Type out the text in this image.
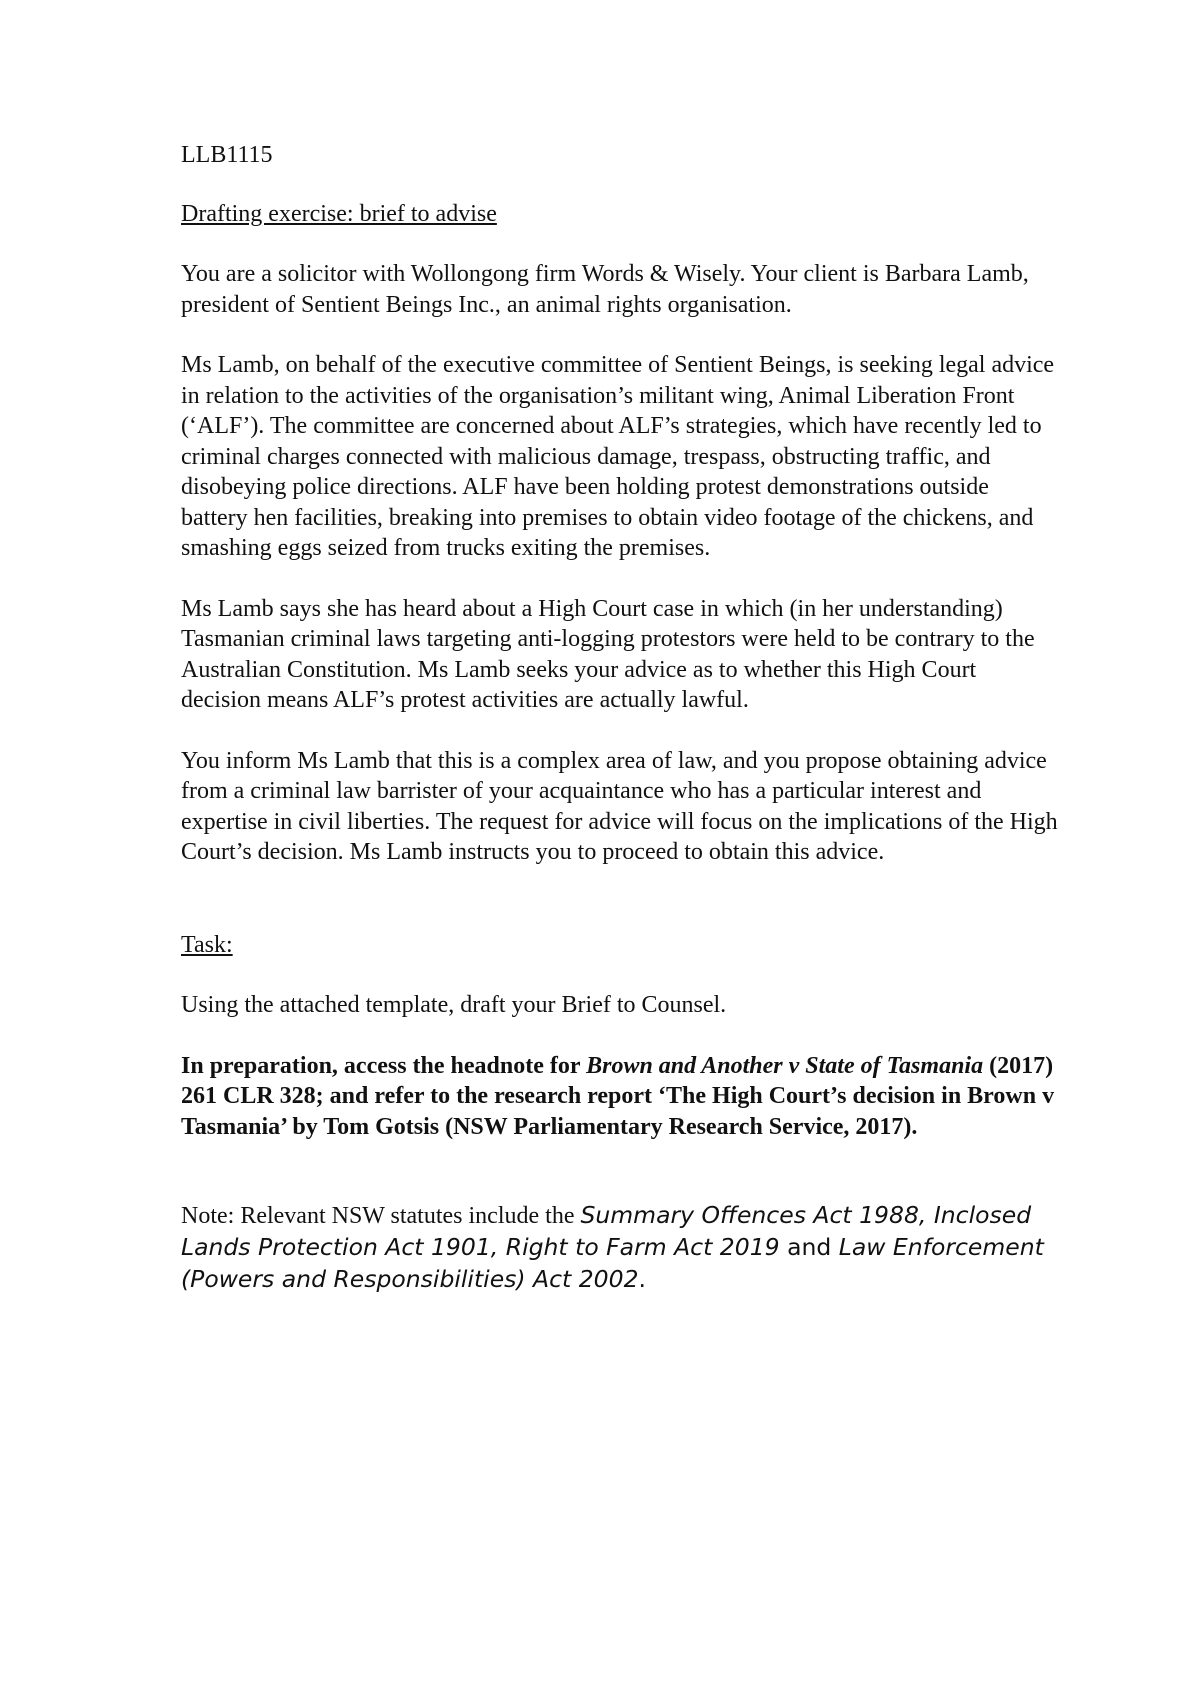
LLB1115

Drafting exercise: brief to advise

You are a solicitor with Wollongong firm Words & Wisely. Your client is Barbara Lamb, president of Sentient Beings Inc., an animal rights organisation.

Ms Lamb, on behalf of the executive committee of Sentient Beings, is seeking legal advice in relation to the activities of the organisation’s militant wing, Animal Liberation Front (‘ALF’). The committee are concerned about ALF’s strategies, which have recently led to criminal charges connected with malicious damage, trespass, obstructing traffic, and disobeying police directions. ALF have been holding protest demonstrations outside battery hen facilities, breaking into premises to obtain video footage of the chickens, and smashing eggs seized from trucks exiting the premises.

Ms Lamb says she has heard about a High Court case in which (in her understanding) Tasmanian criminal laws targeting anti-logging protestors were held to be contrary to the Australian Constitution. Ms Lamb seeks your advice as to whether this High Court decision means ALF’s protest activities are actually lawful.

You inform Ms Lamb that this is a complex area of law, and you propose obtaining advice from a criminal law barrister of your acquaintance who has a particular interest and expertise in civil liberties. The request for advice will focus on the implications of the High Court’s decision. Ms Lamb instructs you to proceed to obtain this advice.

Task:

Using the attached template, draft your Brief to Counsel.

In preparation, access the headnote for Brown and Another v State of Tasmania (2017) 261 CLR 328; and refer to the research report ‘The High Court’s decision in Brown v Tasmania’ by Tom Gotsis (NSW Parliamentary Research Service, 2017).

Note: Relevant NSW statutes include the Summary Offences Act 1988, Inclosed Lands Protection Act 1901, Right to Farm Act 2019 and Law Enforcement (Powers and Responsibilities) Act 2002.
